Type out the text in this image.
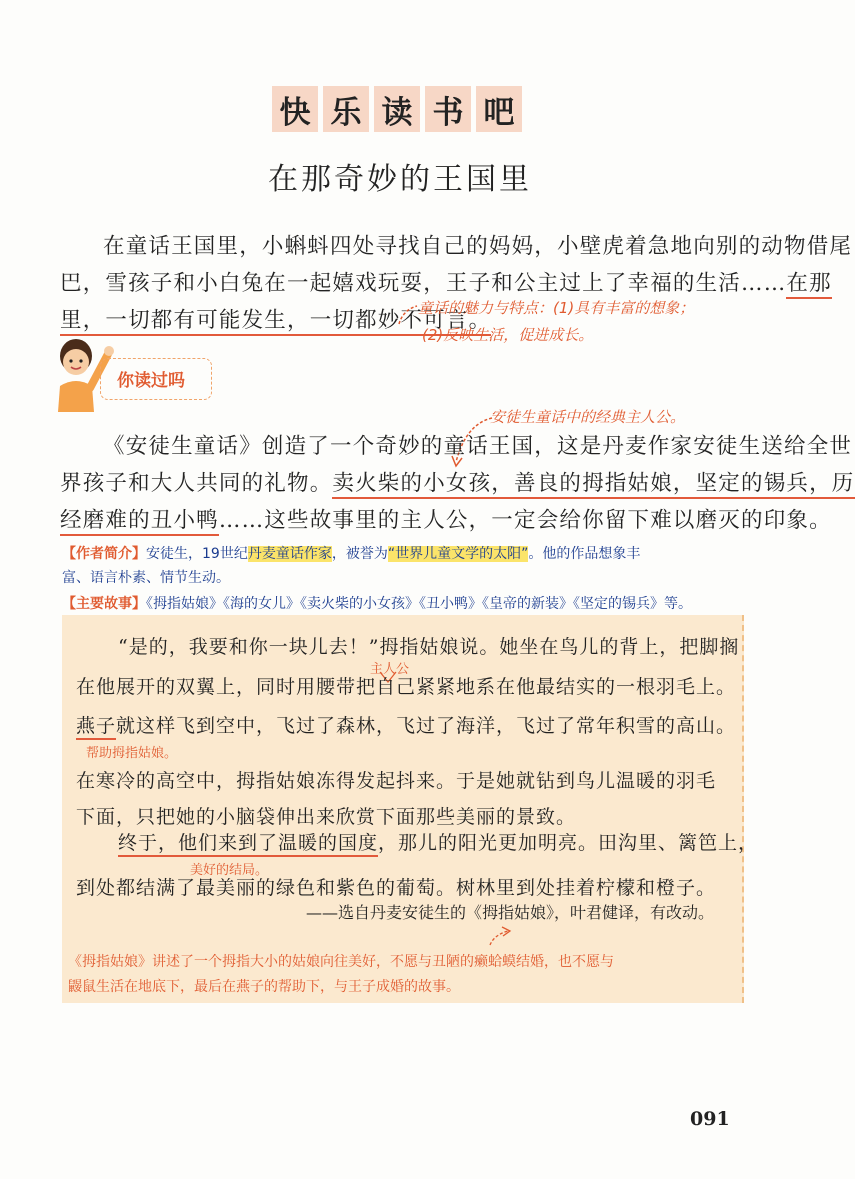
快 乐 读 书 吧
在那奇妙的王国里
在童话王国里，小蝌蚪四处寻找自己的妈妈，小壁虎着急地向别的动物借尾
巴，雪孩子和小白兔在一起嬉戏玩耍，王子和公主过上了幸福的生活……在那
里，一切都有可能发生，一切都妙不可言。
童话的魅力与特点：(1)具有丰富的想象；
(2)反映生活，促进成长。
你读过吗
安徒生童话中的经典主人公。
《安徒生童话》创造了一个奇妙的童话王国，这是丹麦作家安徒生送给全世
界孩子和大人共同的礼物。卖火柴的小女孩，善良的拇指姑娘，坚定的锡兵，历
经磨难的丑小鸭……这些故事里的主人公，一定会给你留下难以磨灭的印象。
【作者简介】安徒生，19世纪丹麦童话作家，被誉为“世界儿童文学的太阳”。他的作品想象丰
富、语言朴素、情节生动。
【主要故事】《拇指姑娘》《海的女儿》《卖火柴的小女孩》《丑小鸭》《皇帝的新装》《坚定的锡兵》等。
“是的，我要和你一块儿去！”拇指姑娘说。她坐在鸟儿的背上，把脚搁
主人公
在他展开的双翼上，同时用腰带把自己紧紧地系在他最结实的一根羽毛上。
燕子就这样飞到空中，飞过了森林，飞过了海洋，飞过了常年积雪的高山。
帮助拇指姑娘。
在寒冷的高空中，拇指姑娘冻得发起抖来。于是她就钻到鸟儿温暖的羽毛
下面，只把她的小脑袋伸出来欣赏下面那些美丽的景致。
终于，他们来到了温暖的国度，那儿的阳光更加明亮。田沟里、篱笆上，
美好的结局。
到处都结满了最美丽的绿色和紫色的葡萄。树林里到处挂着柠檬和橙子。
——选自丹麦安徒生的《拇指姑娘》，叶君健译，有改动。
《拇指姑娘》讲述了一个拇指大小的姑娘向往美好，不愿与丑陋的癞蛤蟆结婚，也不愿与
鼹鼠生活在地底下，最后在燕子的帮助下，与王子成婚的故事。
091
